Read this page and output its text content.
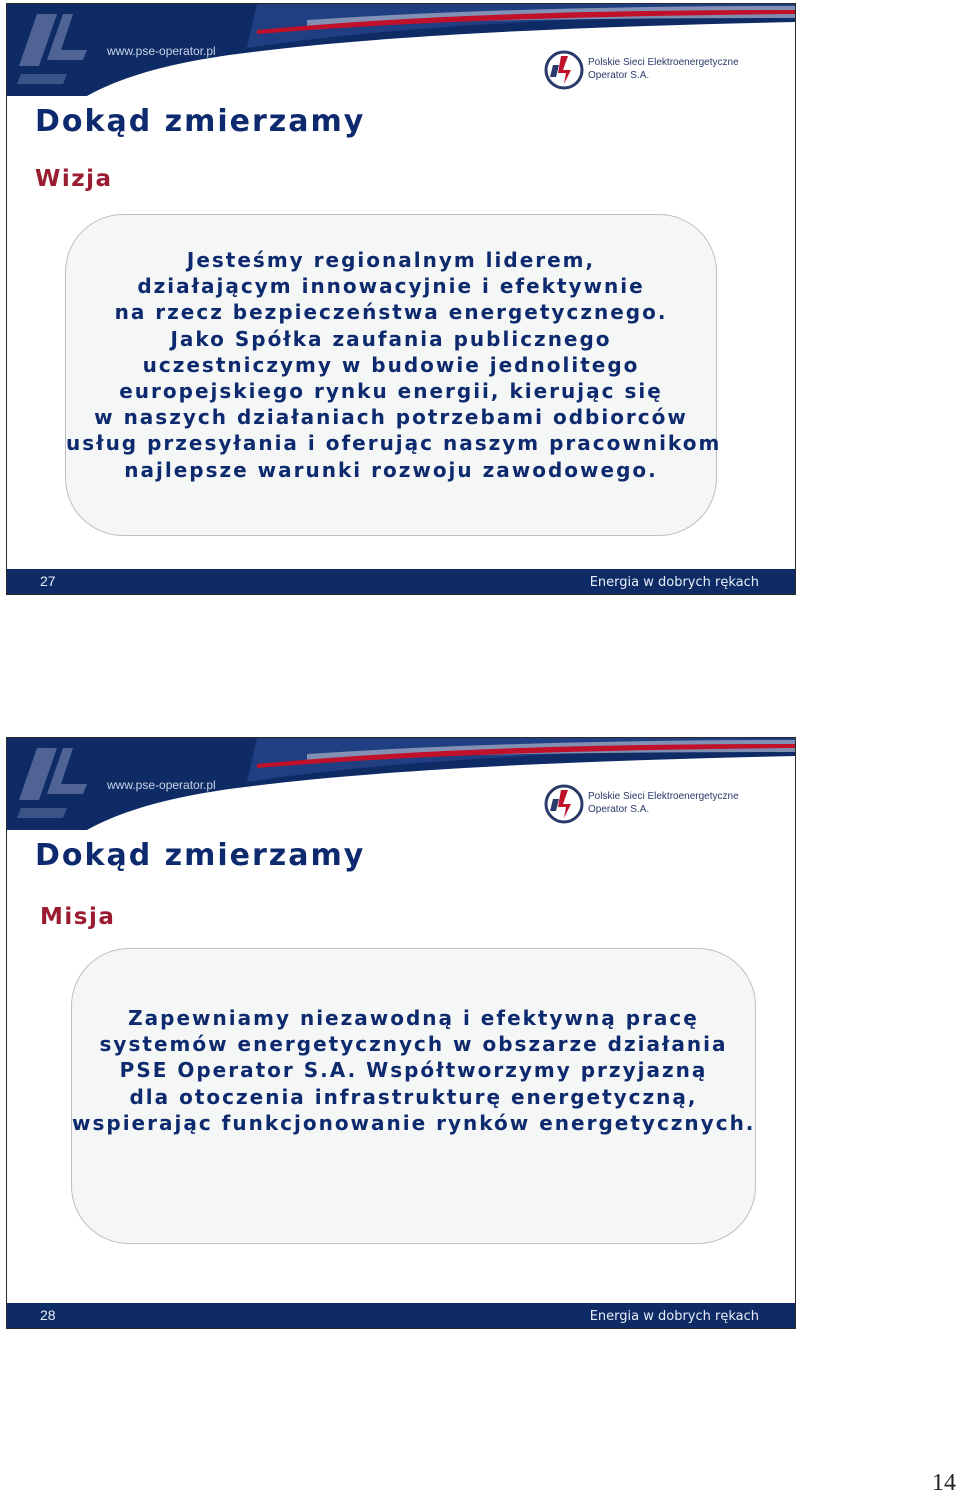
www.pse-operator.pl
Polskie Sieci Elektroenergetyczne
Operator S.A.
Dokąd zmierzamy
Wizja
Jesteśmy regionalnym liderem,
działającym innowacyjnie i efektywnie
na rzecz bezpieczeństwa energetycznego.
Jako Spółka zaufania publicznego
uczestniczymy w budowie jednolitego
europejskiego rynku energii, kierując się
w naszych działaniach potrzebami odbiorców
usług przesyłania i oferując naszym pracownikom
najlepsze warunki rozwoju zawodowego.
27	Energia w dobrych rękach
www.pse-operator.pl
Polskie Sieci Elektroenergetyczne
Operator S.A.
Dokąd zmierzamy
Misja
Zapewniamy niezawodną i efektywną pracę
systemów energetycznych w obszarze działania
PSE Operator S.A. Współtworzymy przyjazną
dla otoczenia infrastrukturę energetyczną,
wspierając funkcjonowanie rynków energetycznych.
28	Energia w dobrych rękach
14
